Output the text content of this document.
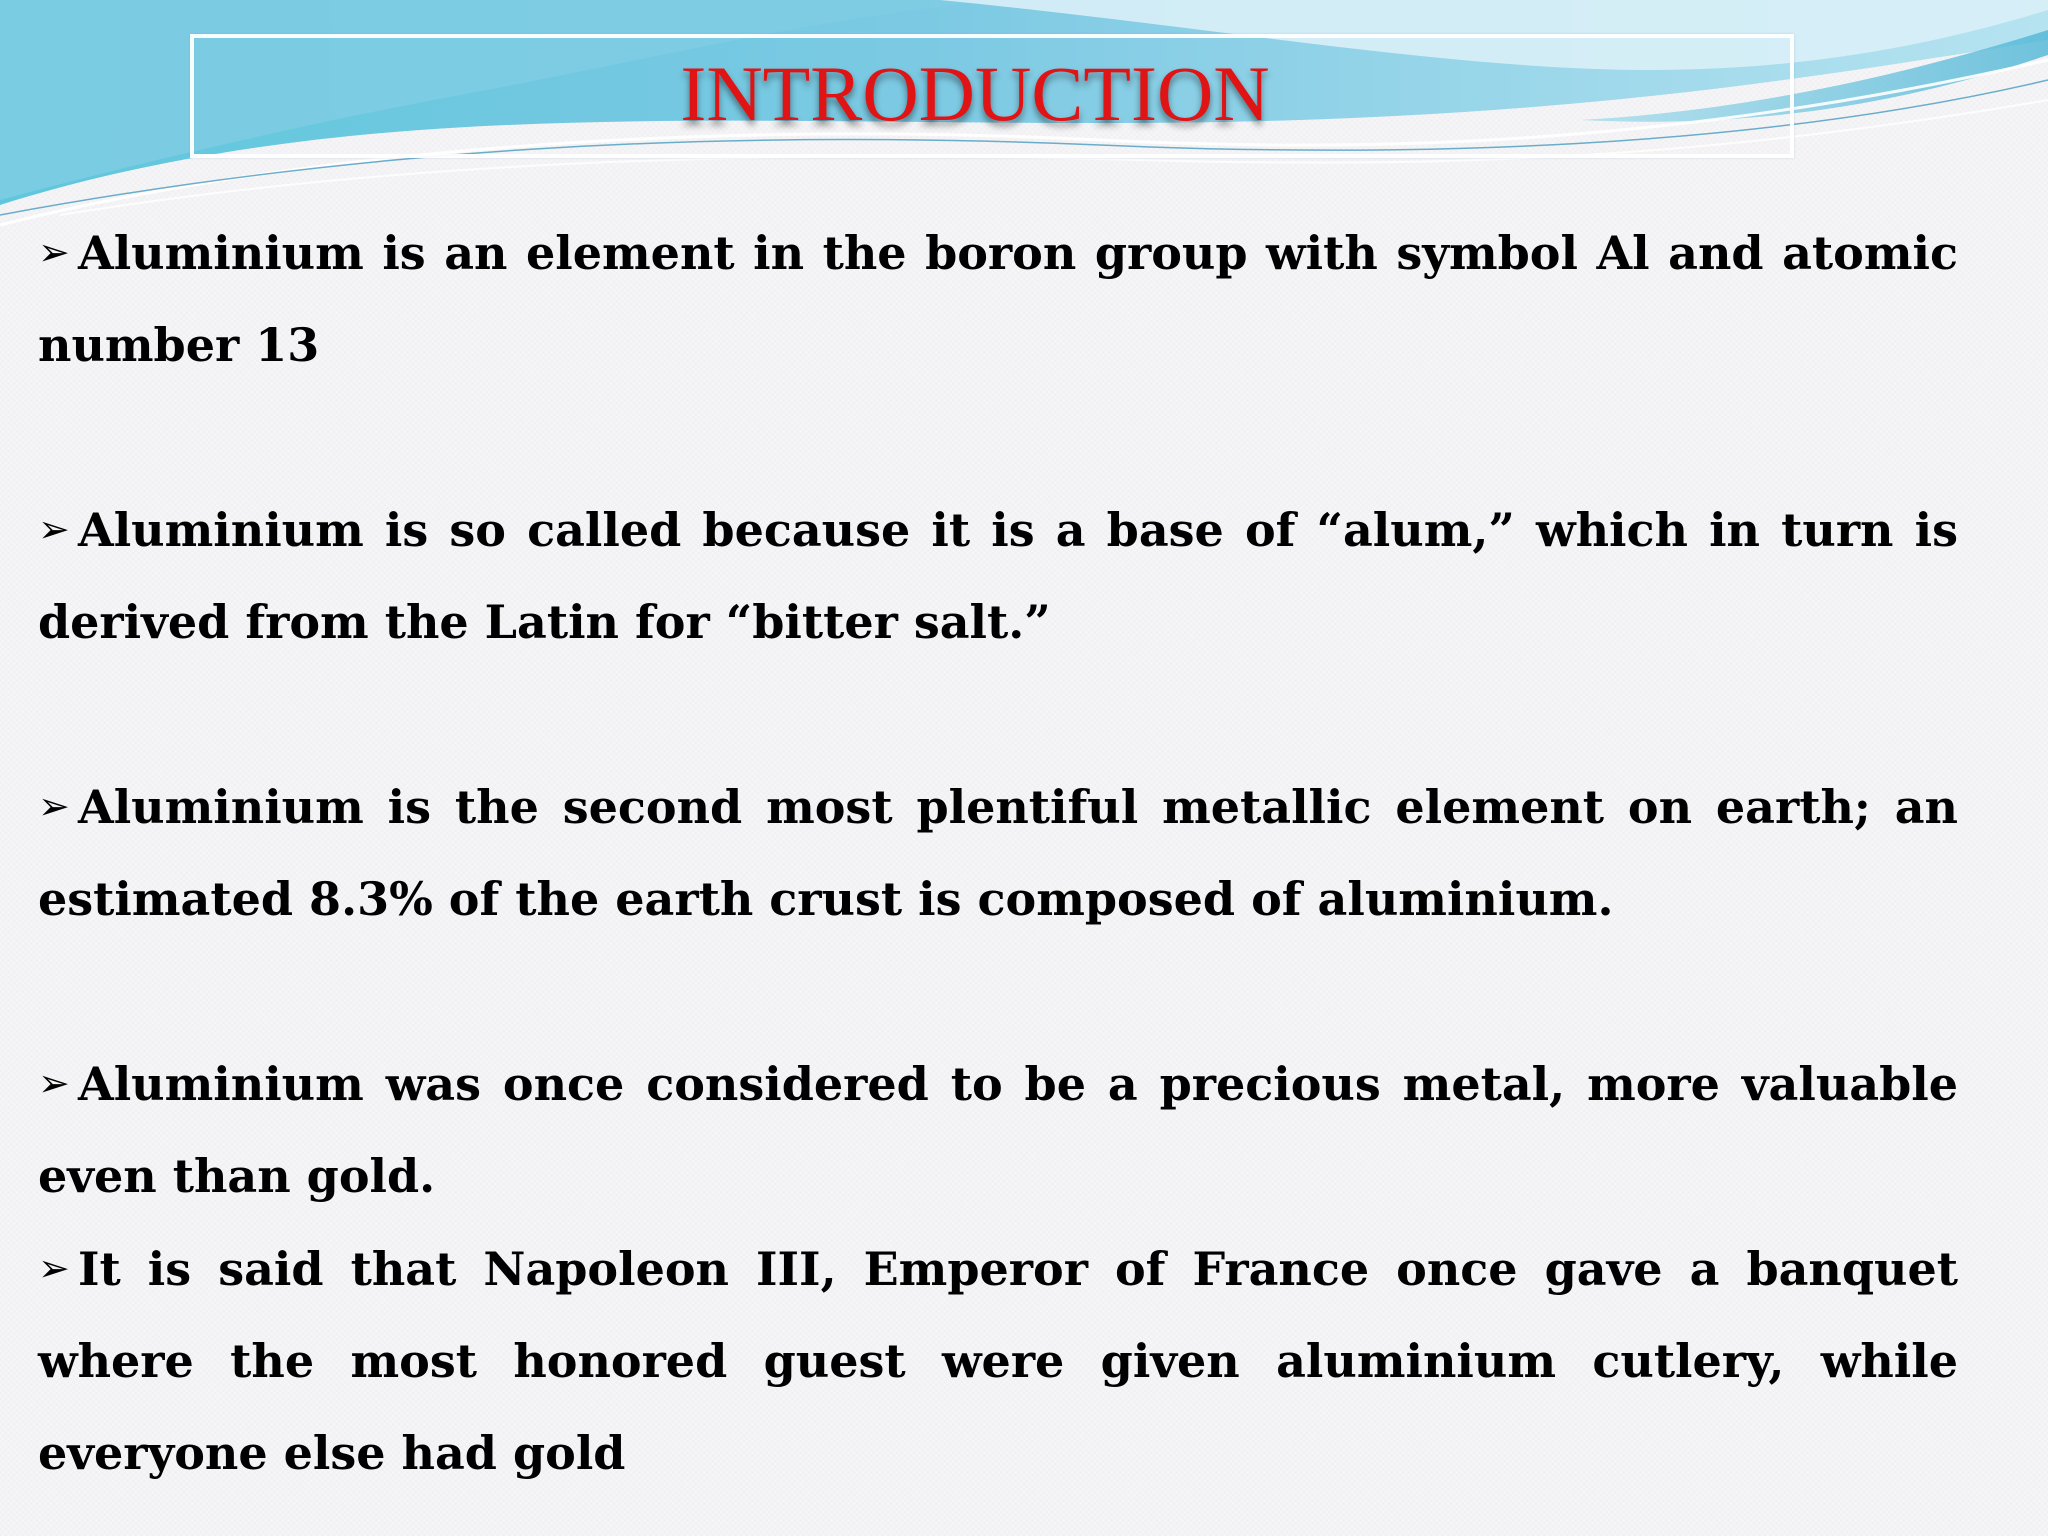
INTRODUCTION

➢ Aluminium is an element in the boron group with symbol Al and atomic number 13

➢ Aluminium is so called because it is a base of “alum,” which in turn is derived from the Latin for “bitter salt.”

➢ Aluminium is the second most plentiful metallic element on earth; an estimated 8.3% of the earth crust is composed of aluminium.

➢ Aluminium was once considered to be a precious metal, more valuable even than gold.

➢ It is said that Napoleon III, Emperor of France once gave a banquet where the most honored guest were given aluminium cutlery, while everyone else had gold
